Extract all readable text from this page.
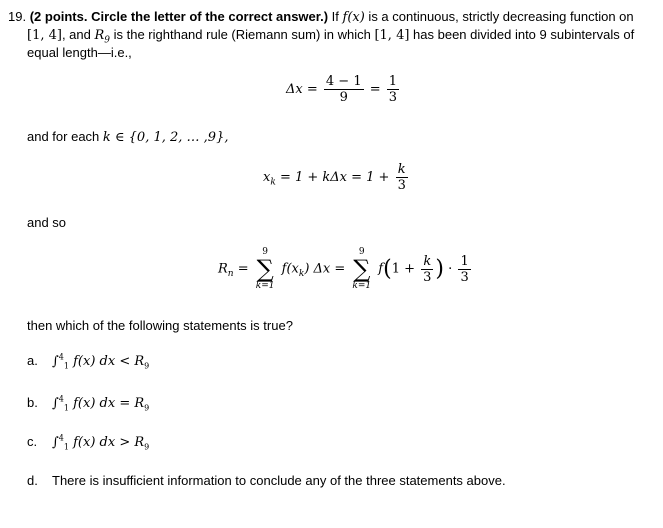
19. (2 points. Circle the letter of the correct answer.) If f(x) is a continuous, strictly decreasing function on
[1, 4], and $R_9$ is the righthand rule (Riemann sum) in which [1, 4] has been divided into 9 subintervals of
equal length—i.e.,
$\Delta x = \frac{4 - 1}{9} = \frac{1}{3}$
and for each k ∈ {0, 1, 2, … ,9},
$x_k = 1 + k\Delta x = 1 + \frac{k}{3}$
and so
$R_n$ =
9
∑
k=1
$f(x_k) \Delta x$ =
9
∑
k=1
$f(1 + \frac{k}{3}$ ) · $\frac{1}{3}$
then which of the following statements is true?
a. ∫$^4_1$ f(x) dx < $R_9$
b. ∫$^4_1$ f(x) dx = $R_9$
c. ∫$^4_1$ f(x) dx > $R_9$
d. There is insufficient information to conclude any of the three statements above.
